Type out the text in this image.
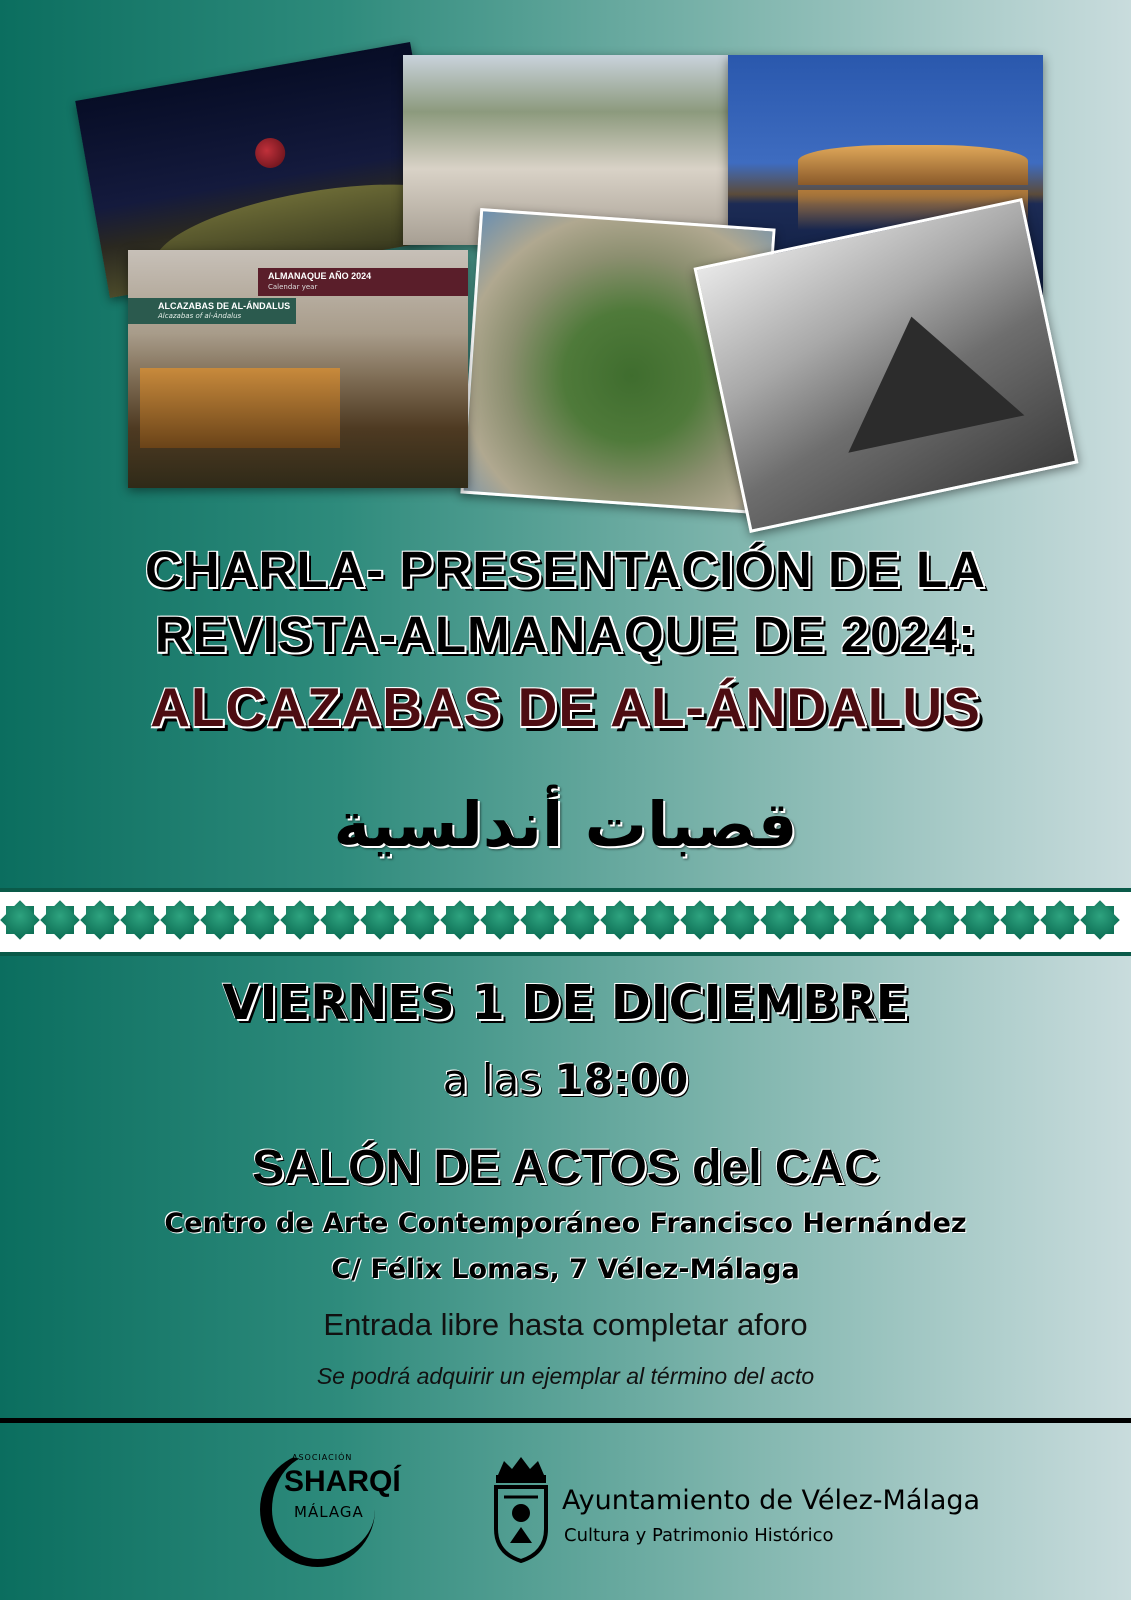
ALMANAQUE AÑO 2024
Calendar year
ALCAZABAS DE AL-ÁNDALUS
Alcazabas of al-Ándalus
CHARLA- PRESENTACIÓN DE LA
REVISTA-ALMANAQUE DE 2024:
ALCAZABAS DE AL-ÁNDALUS
قصبات أندلسية
VIERNES 1 DE DICIEMBRE
a las 18:00
SALÓN DE ACTOS del CAC
Centro de Arte Contemporáneo Francisco Hernández
C/ Félix Lomas, 7 Vélez-Málaga
Entrada libre hasta completar aforo
Se podrá adquirir un ejemplar al término del acto
ASOCIACIÓN
SHARQÍ
MÁLAGA	Ayuntamiento de Vélez-Málaga
Cultura y Patrimonio Histórico
